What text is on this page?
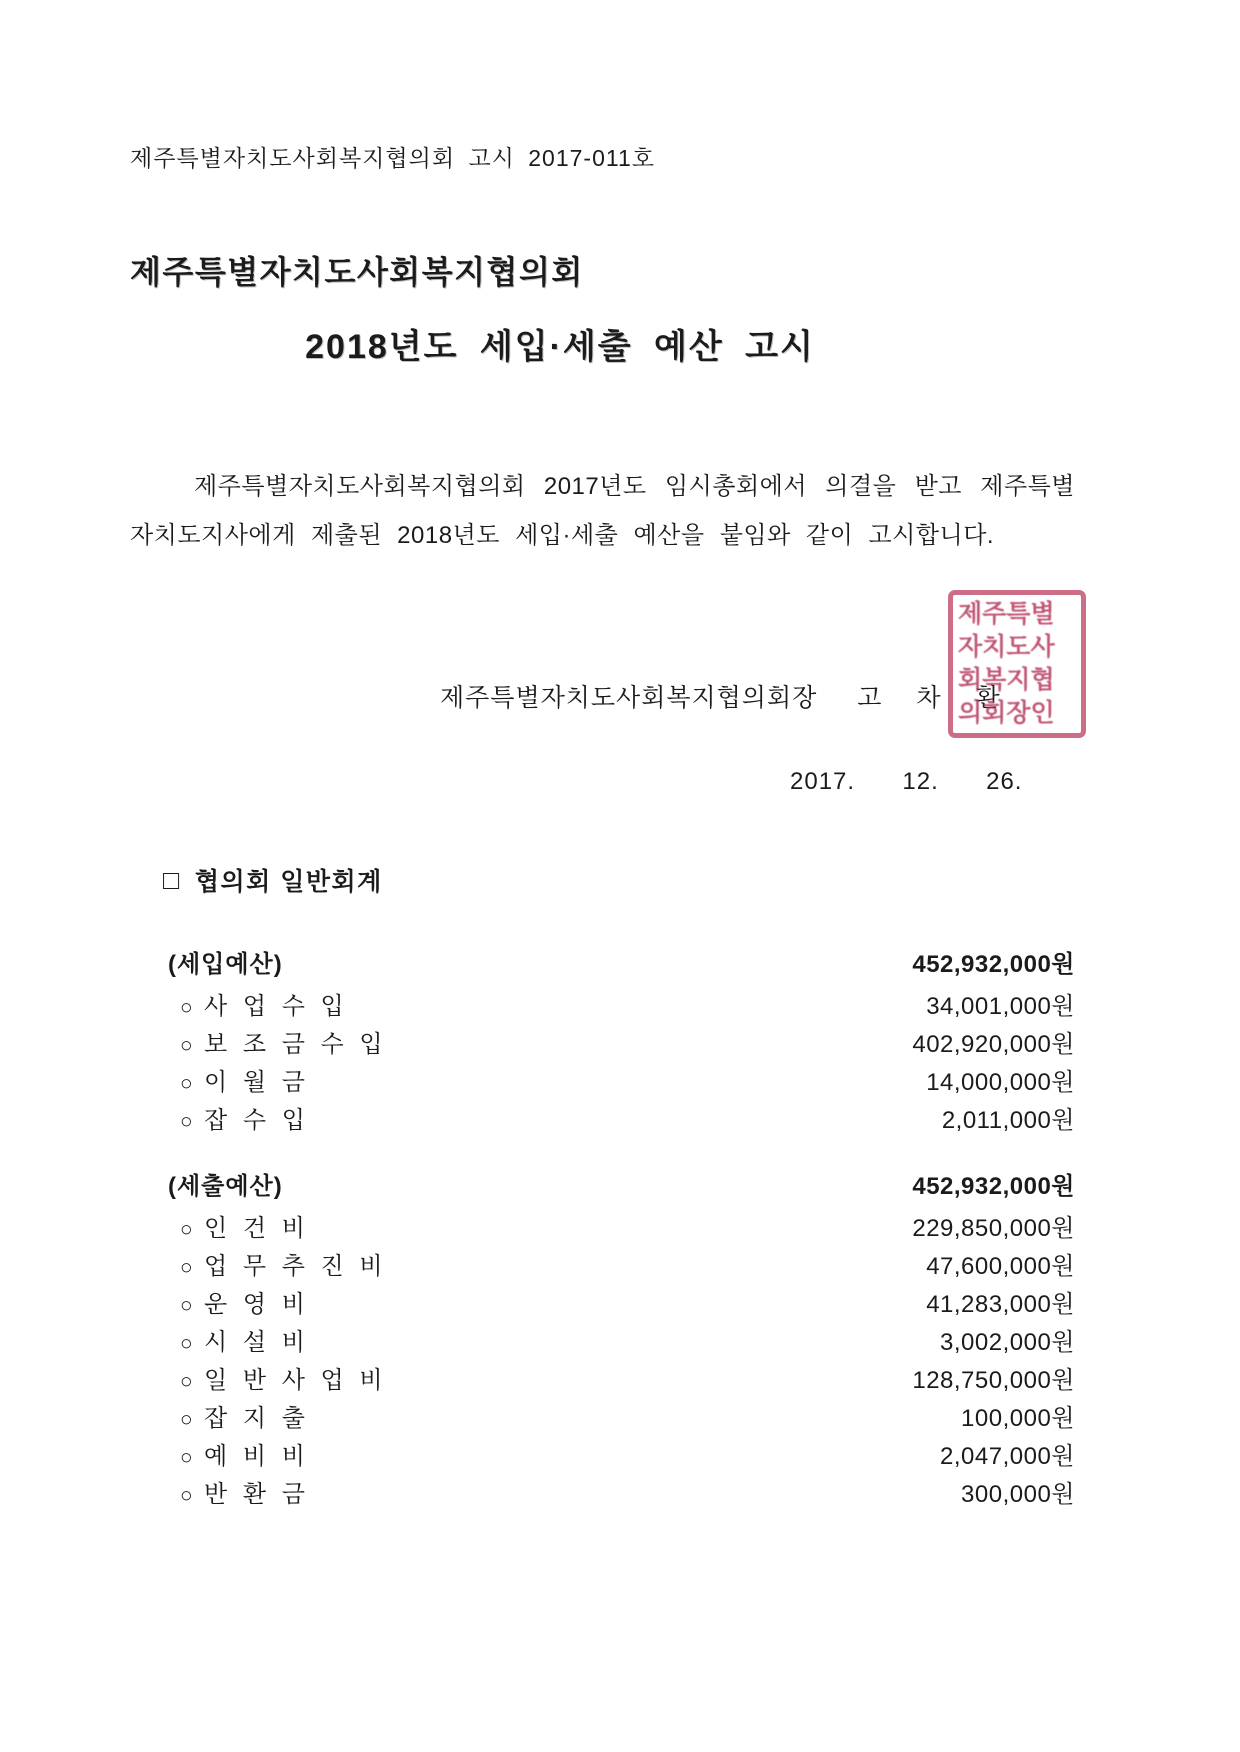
제주특별자치도사회복지협의회 고시 2017-011호
제주특별자치도사회복지협의회
2018년도 세입·세출 예산 고시

제주특별자치도사회복지협의회 2017년도 임시총회에서 의결을 받고 제주특별자치도지사에게 제출된 2018년도 세입·세출 예산을 붙임와 같이 고시합니다.

제주특별자치도사회복지협의회장 고 차 환
제주특별
자치도사
회복지협
의회장인
2017.  12.  26.
□ 협의회 일반회계
(세입예산)	452,932,000원
○ 사 업 수 입	34,001,000원
○ 보 조 금 수 입	402,920,000원
○ 이 월 금	14,000,000원
○ 잡 수 입	2,011,000원
(세출예산)	452,932,000원
○ 인 건 비	229,850,000원
○ 업 무 추 진 비	47,600,000원
○ 운 영 비	41,283,000원
○ 시 설 비	3,002,000원
○ 일 반 사 업 비	128,750,000원
○ 잡 지 출	100,000원
○ 예 비 비	2,047,000원
○ 반 환 금	300,000원
